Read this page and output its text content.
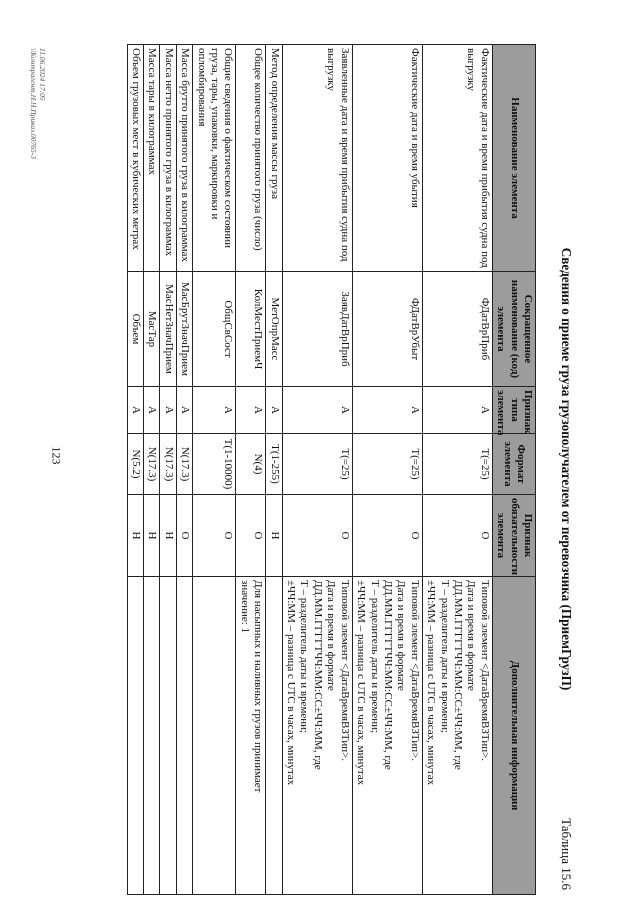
123
Таблица 15.6
Сведения о приеме груза грузополучателем от перевозчика (ПриемГрузП)
Наименование элемента	Сокращенное наименование (код) элемента	Признак типа элемента	Формат элемента	Признак обязательности элемента	Дополнительная информация
Фактические дата и время прибытия судна под выгрузку	ФДатВрПриб	А	T(=25)	О	Типовой элемент <ДатаВремяВЗТип>.
Дата и время в формате
ДД.ММ.ГГГГТЧЧ:ММ:СС±ЧЧ:ММ, где
Т – разделитель даты и времени;
±ЧЧ:ММ – разница с UTC в часах, минутах

Фактические дата и время убытия	ФДатВрУбыт	А	T(=25)	О	Типовой элемент <ДатаВремяВЗТип>.
Дата и время в формате
ДД.ММ.ГГГГТЧЧ:ММ:СС±ЧЧ:ММ, где
Т – разделитель даты и времени;
±ЧЧ:ММ – разница с UTC в часах, минутах

Заявленные дата и время прибытия судна под выгрузку	ЗаявДатВрПриб	А	T(=25)	О	Типовой элемент <ДатаВремяВЗТип>.
Дата и время в формате
ДД.ММ.ГГГГТЧЧ:ММ:СС±ЧЧ:ММ, где
Т – разделитель даты и времени;
±ЧЧ:ММ – разница с UTC в часах, минутах

Метод определения массы груза	МетОпрМасс	А	T(1-255)	Н	
Общее количество принятого груза (число)	КолМестПриемЧ	А	N(4)	О	Для насыпных и наливных грузов принимает
значение: 1

Общие сведения о фактическом состоянии груза, тары, упаковки, маркировки и опломбирования	ОбщСвСост	А	T(1-10000)	О	
Масса брутто принятого груза в килограммах	МасБрутЗначПрием	А	N(17.3)	О	
Масса нетто принятого груза в килограммах	МасНетЗначПрием	А	N(17.3)	Н	
Масса тары в килограммах	МасТар	А	N(17.3)	Н	
Объем грузовых мест в кубических метрах	Объем	А	N(5.2)	Н	
11.06.2024 17:05
\\Контрагент.Н.Н.Приказ.00765-3
